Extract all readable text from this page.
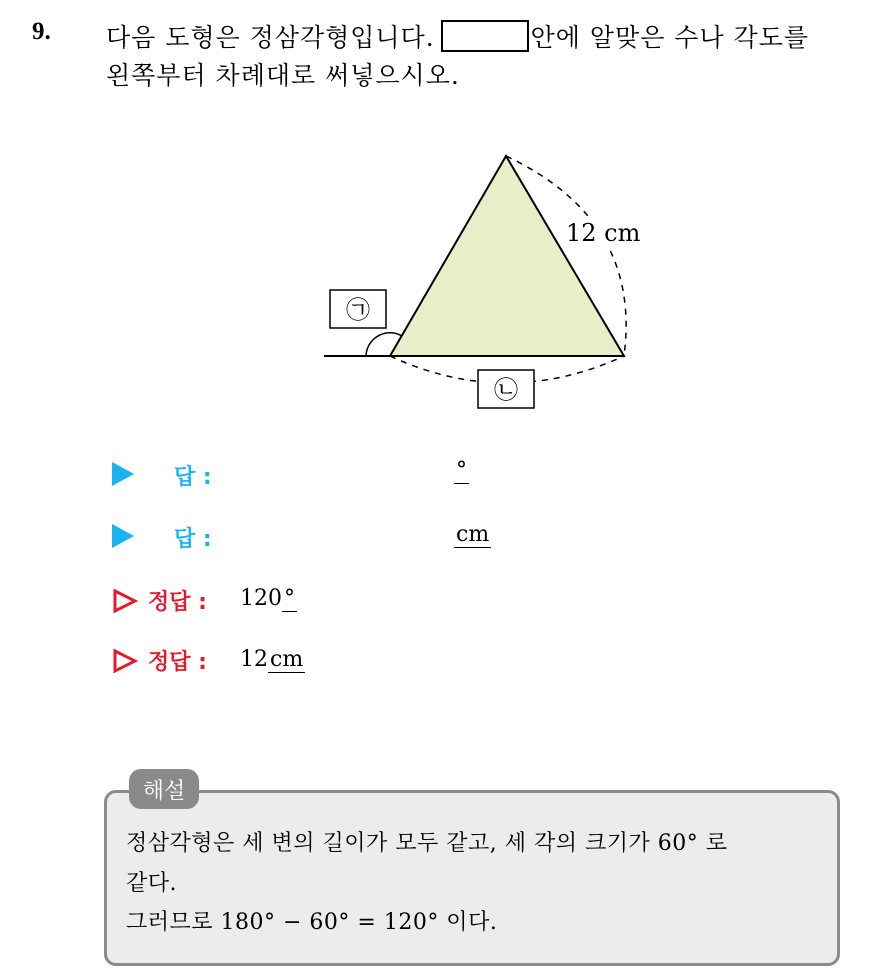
9. 다음 도형은 정삼각형입니다.	안에 알맞은 수나 각도를
왼쪽부터 차례대로 써넣으시오.
12 cm
㉠
㉡
답 :	°
답 :	cm
정답 : 120°
정답 : 12cm
해설
정삼각형은 세 변의 길이가 모두 같고, 세 각의 크기가 60° 로
같다.
그러므로 180° − 60° = 120° 이다.
